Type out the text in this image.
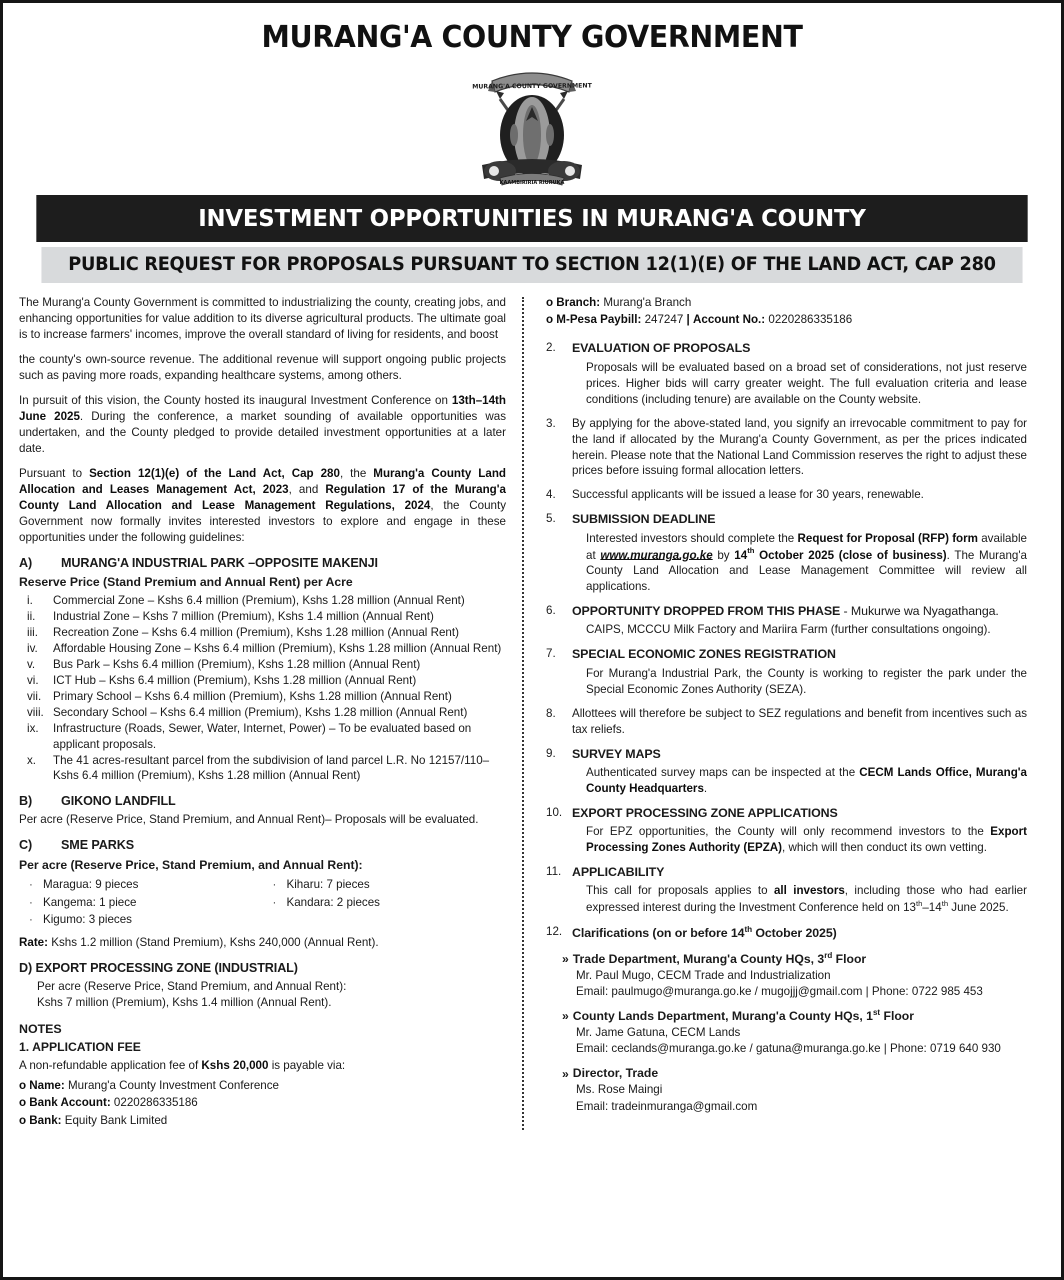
MURANG'A COUNTY GOVERNMENT
MURANG'A COUNTY GOVERNMENT
KAAMBIRIRIA RIURUKA
INVESTMENT OPPORTUNITIES IN MURANG'A COUNTY
PUBLIC REQUEST FOR PROPOSALS PURSUANT TO SECTION 12(1)(E) OF THE LAND ACT, CAP 280

The Murang'a County Government is committed to industrializing the county, creating jobs, and enhancing opportunities for value addition to its diverse agricultural products. The ultimate goal is to increase farmers' incomes, improve the overall standard of living for residents, and boost

the county's own-source revenue. The additional revenue will support ongoing public projects such as paving more roads, expanding healthcare systems, among others.

In pursuit of this vision, the County hosted its inaugural Investment Conference on 13th–14th June 2025. During the conference, a market sounding of available opportunities was undertaken, and the County pledged to provide detailed investment opportunities at a later date.

Pursuant to Section 12(1)(e) of the Land Act, Cap 280, the Murang'a County Land Allocation and Leases Management Act, 2023, and Regulation 17 of the Murang'a County Land Allocation and Lease Management Regulations, 2024, the County Government now formally invites interested investors to explore and engage in these opportunities under the following guidelines:

A) MURANG'A INDUSTRIAL PARK –OPPOSITE MAKENJI
Reserve Price (Stand Premium and Annual Rent) per Acre
i.	Commercial Zone – Kshs 6.4 million (Premium), Kshs 1.28 million (Annual Rent)
ii.	Industrial Zone – Kshs 7 million (Premium), Kshs 1.4 million (Annual Rent)
iii.	Recreation Zone – Kshs 6.4 million (Premium), Kshs 1.28 million (Annual Rent)
iv.	Affordable Housing Zone – Kshs 6.4 million (Premium), Kshs 1.28 million (Annual Rent)
v.	Bus Park – Kshs 6.4 million (Premium), Kshs 1.28 million (Annual Rent)
vi.	ICT Hub – Kshs 6.4 million (Premium), Kshs 1.28 million (Annual Rent)
vii.	Primary School – Kshs 6.4 million (Premium), Kshs 1.28 million (Annual Rent)
viii. Secondary School – Kshs 6.4 million (Premium), Kshs 1.28 million (Annual Rent)
ix.	Infrastructure (Roads, Sewer, Water, Internet, Power) – To be evaluated based on applicant proposals.
x.	The 41 acres-resultant parcel from the subdivision of land parcel L.R. No 12157/110–Kshs 6.4 million (Premium), Kshs 1.28 million (Annual Rent)
B) GIKONO LANDFILL

Per acre (Reserve Price, Stand Premium, and Annual Rent)– Proposals will be evaluated.

C) SME PARKS
Per acre (Reserve Price, Stand Premium, and Annual Rent):
· Maragua: 9 pieces
· Kangema: 1 piece
· Kigumo: 3 pieces
· Kiharu: 7 pieces
· Kandara: 2 pieces

Rate: Kshs 1.2 million (Stand Premium), Kshs 240,000 (Annual Rent).

D) EXPORT PROCESSING ZONE (INDUSTRIAL)
Per acre (Reserve Price, Stand Premium, and Annual Rent):
Kshs 7 million (Premium), Kshs 1.4 million (Annual Rent).
NOTES
1. APPLICATION FEE

A non-refundable application fee of Kshs 20,000 is payable via:

o Name: Murang'a County Investment Conference
o Bank Account: 0220286335186
o Bank: Equity Bank Limited
o Branch: Murang'a Branch
o M-Pesa Paybill: 247247 | Account No.: 0220286335186
2.	EVALUATION OF PROPOSALS
Proposals will be evaluated based on a broad set of considerations, not just reserve prices. Higher bids will carry greater weight. The full evaluation criteria and lease conditions (including tenure) are available on the County website.
3.	By applying for the above-stated land, you signify an irrevocable commitment to pay for the land if allocated by the Murang'a County Government, as per the prices indicated herein. Please note that the National Land Commission reserves the right to adjust these prices before issuing formal allocation letters.
4.	Successful applicants will be issued a lease for 30 years, renewable.
5.	SUBMISSION DEADLINE
Interested investors should complete the Request for Proposal (RFP) form available at www.muranga.go.ke by 14th October 2025 (close of business). The Murang'a County Land Allocation and Lease Management Committee will review all applications.
6.	OPPORTUNITY DROPPED FROM THIS PHASE - Mukurwe wa Nyagathanga.
CAIPS, MCCCU Milk Factory and Mariira Farm (further consultations ongoing).
7.	SPECIAL ECONOMIC ZONES REGISTRATION
For Murang'a Industrial Park, the County is working to register the park under the Special Economic Zones Authority (SEZA).
8.	Allottees will therefore be subject to SEZ regulations and benefit from incentives such as tax reliefs.
9.	SURVEY MAPS
Authenticated survey maps can be inspected at the CECM Lands Office, Murang'a County Headquarters.
10. EXPORT PROCESSING ZONE APPLICATIONS
For EPZ opportunities, the County will only recommend investors to the Export Processing Zones Authority (EPZA), which will then conduct its own vetting.
11. APPLICABILITY
This call for proposals applies to all investors, including those who had earlier expressed interest during the Investment Conference held on 13th–14th June 2025.
12. Clarifications (on or before 14th October 2025)
» Trade Department, Murang'a County HQs, 3rd Floor
Mr. Paul Mugo, CECM Trade and Industrialization
Email: paulmugo@muranga.go.ke / mugojjj@gmail.com | Phone: 0722 985 453
» County Lands Department, Murang'a County HQs, 1st Floor
Mr. Jame Gatuna, CECM Lands
Email: ceclands@muranga.go.ke / gatuna@muranga.go.ke | Phone: 0719 640 930
» Director, Trade
Ms. Rose Maingi
Email: tradeinmuranga@gmail.com
